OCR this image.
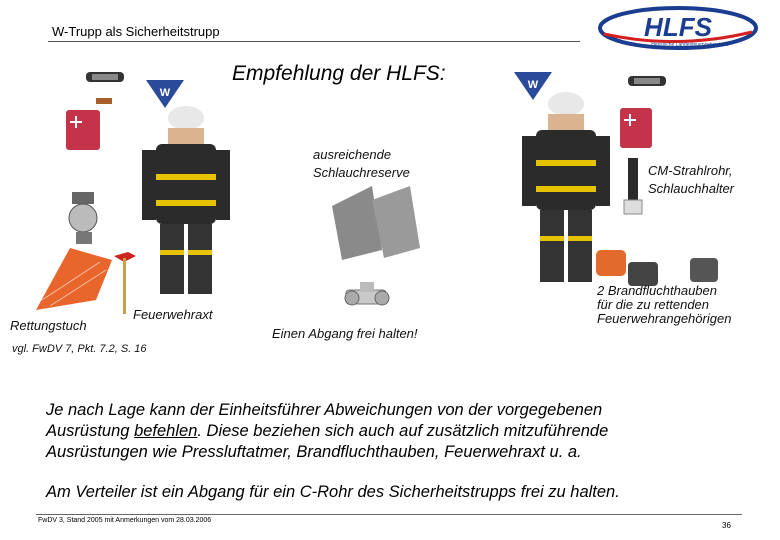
W-Trupp als Sicherheitstrupp	HLFS
Hessische Landesfeuerwehrschule
Empfehlung der HLFS:
W
W
Rettungstuch
Feuerwehraxt
vgl. FwDV 7, Pkt. 7.2, S. 16
ausreichende
Schlauchreserve
Einen Abgang frei halten!
CM-Strahlrohr,
Schlauchhalter
2 Brandfluchthauben
für die zu rettenden
Feuerwehrangehörigen
Je nach Lage kann der Einheitsführer Abweichungen von der vorgegebenen
Ausrüstung befehlen. Diese beziehen sich auch auf zusätzlich mitzuführende
Ausrüstungen wie Pressluftatmer, Brandfluchthauben, Feuerwehraxt u. a.
Am Verteiler ist ein Abgang für ein C-Rohr des Sicherheitstrupps frei zu halten.
FwDV 3, Stand 2005 mit Anmerkungen vom 28.03.2006
36
